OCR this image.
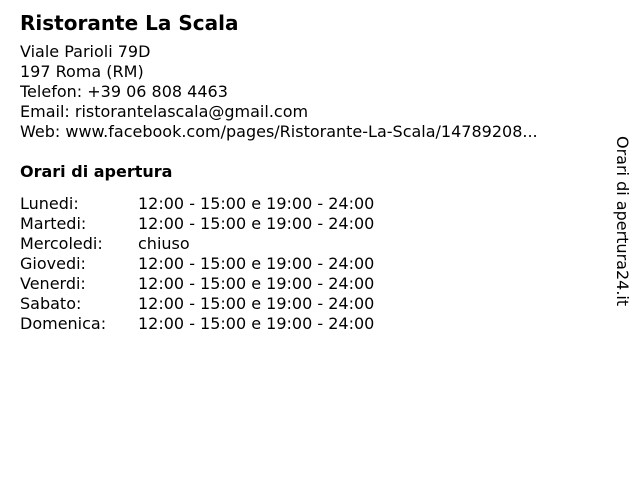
Ristorante La Scala
Viale Parioli 79D
197 Roma (RM)
Telefon: +39 06 808 4463
Email: ristorantelascala@gmail.com
Web: www.facebook.com/pages/Ristorante-La-Scala/14789208...
Orari di apertura
Lunedi:	12:00 - 15:00 e 19:00 - 24:00
Martedi:	12:00 - 15:00 e 19:00 - 24:00
Mercoledi:	chiuso
Giovedi:	12:00 - 15:00 e 19:00 - 24:00
Venerdi:	12:00 - 15:00 e 19:00 - 24:00
Sabato:	12:00 - 15:00 e 19:00 - 24:00
Domenica:	12:00 - 15:00 e 19:00 - 24:00
Orari di apertura24.it
